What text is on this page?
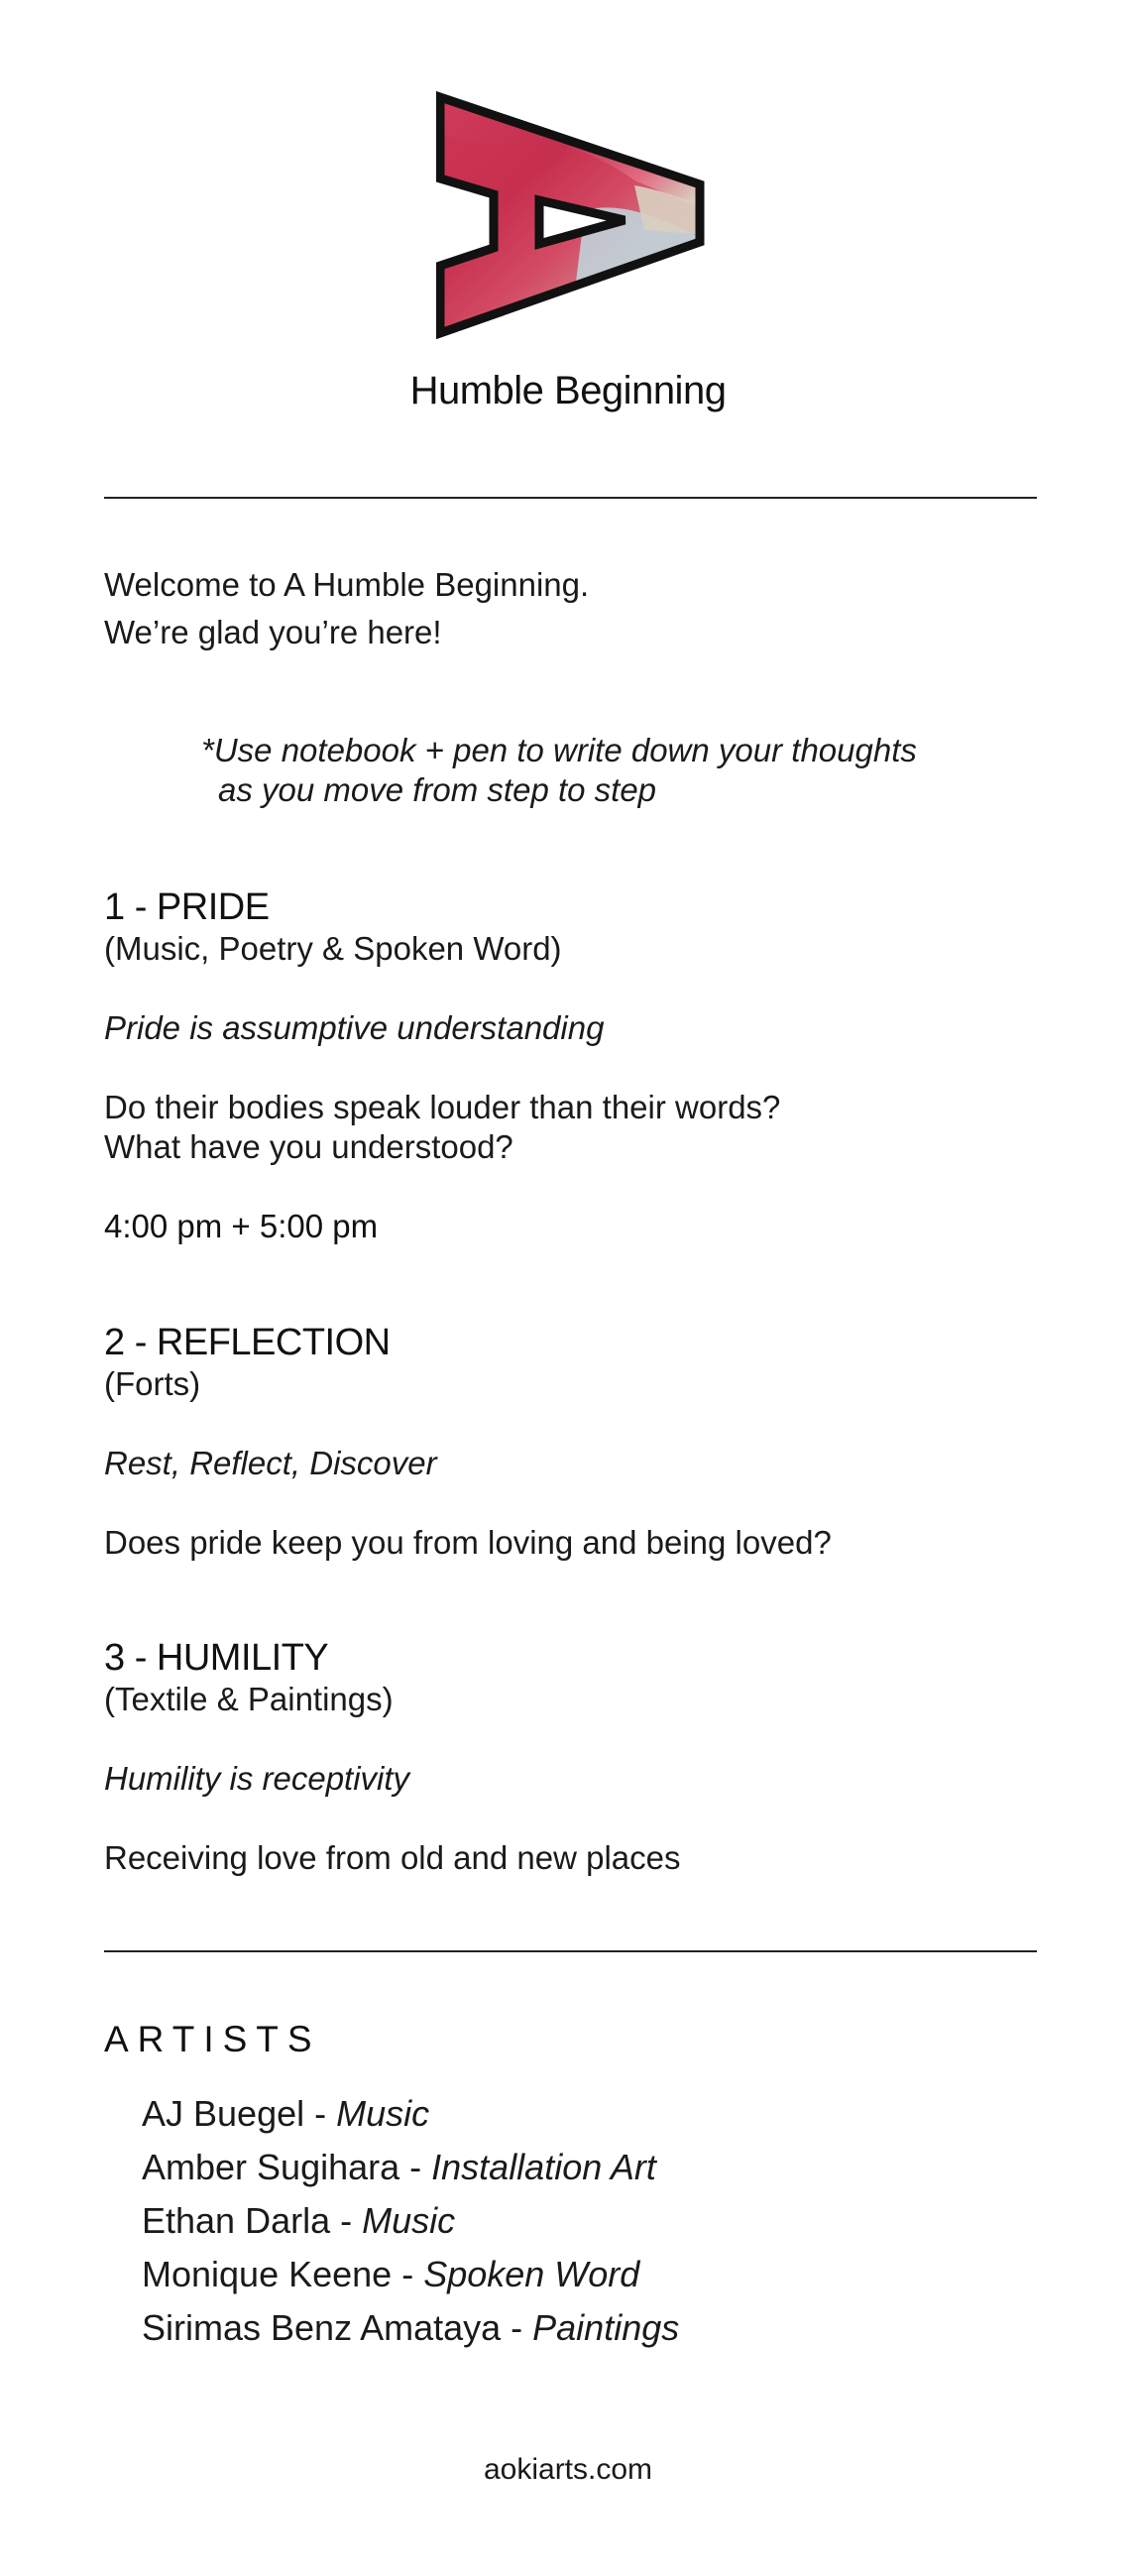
Humble Beginning
Welcome to A Humble Beginning.
We’re glad you’re here!
*Use notebook + pen to write down your thoughts
as you move from step to step
1 - PRIDE
(Music, Poetry & Spoken Word)
Pride is assumptive understanding
Do their bodies speak louder than their words?
What have you understood?
4:00 pm + 5:00 pm
2 - REFLECTION
(Forts)
Rest, Reflect, Discover
Does pride keep you from loving and being loved?
3 - HUMILITY
(Textile & Paintings)
Humility is receptivity
Receiving love from old and new places
ARTISTS
AJ Buegel - Music
Amber Sugihara - Installation Art
Ethan Darla - Music
Monique Keene - Spoken Word
Sirimas Benz Amataya - Paintings
aokiarts.com
